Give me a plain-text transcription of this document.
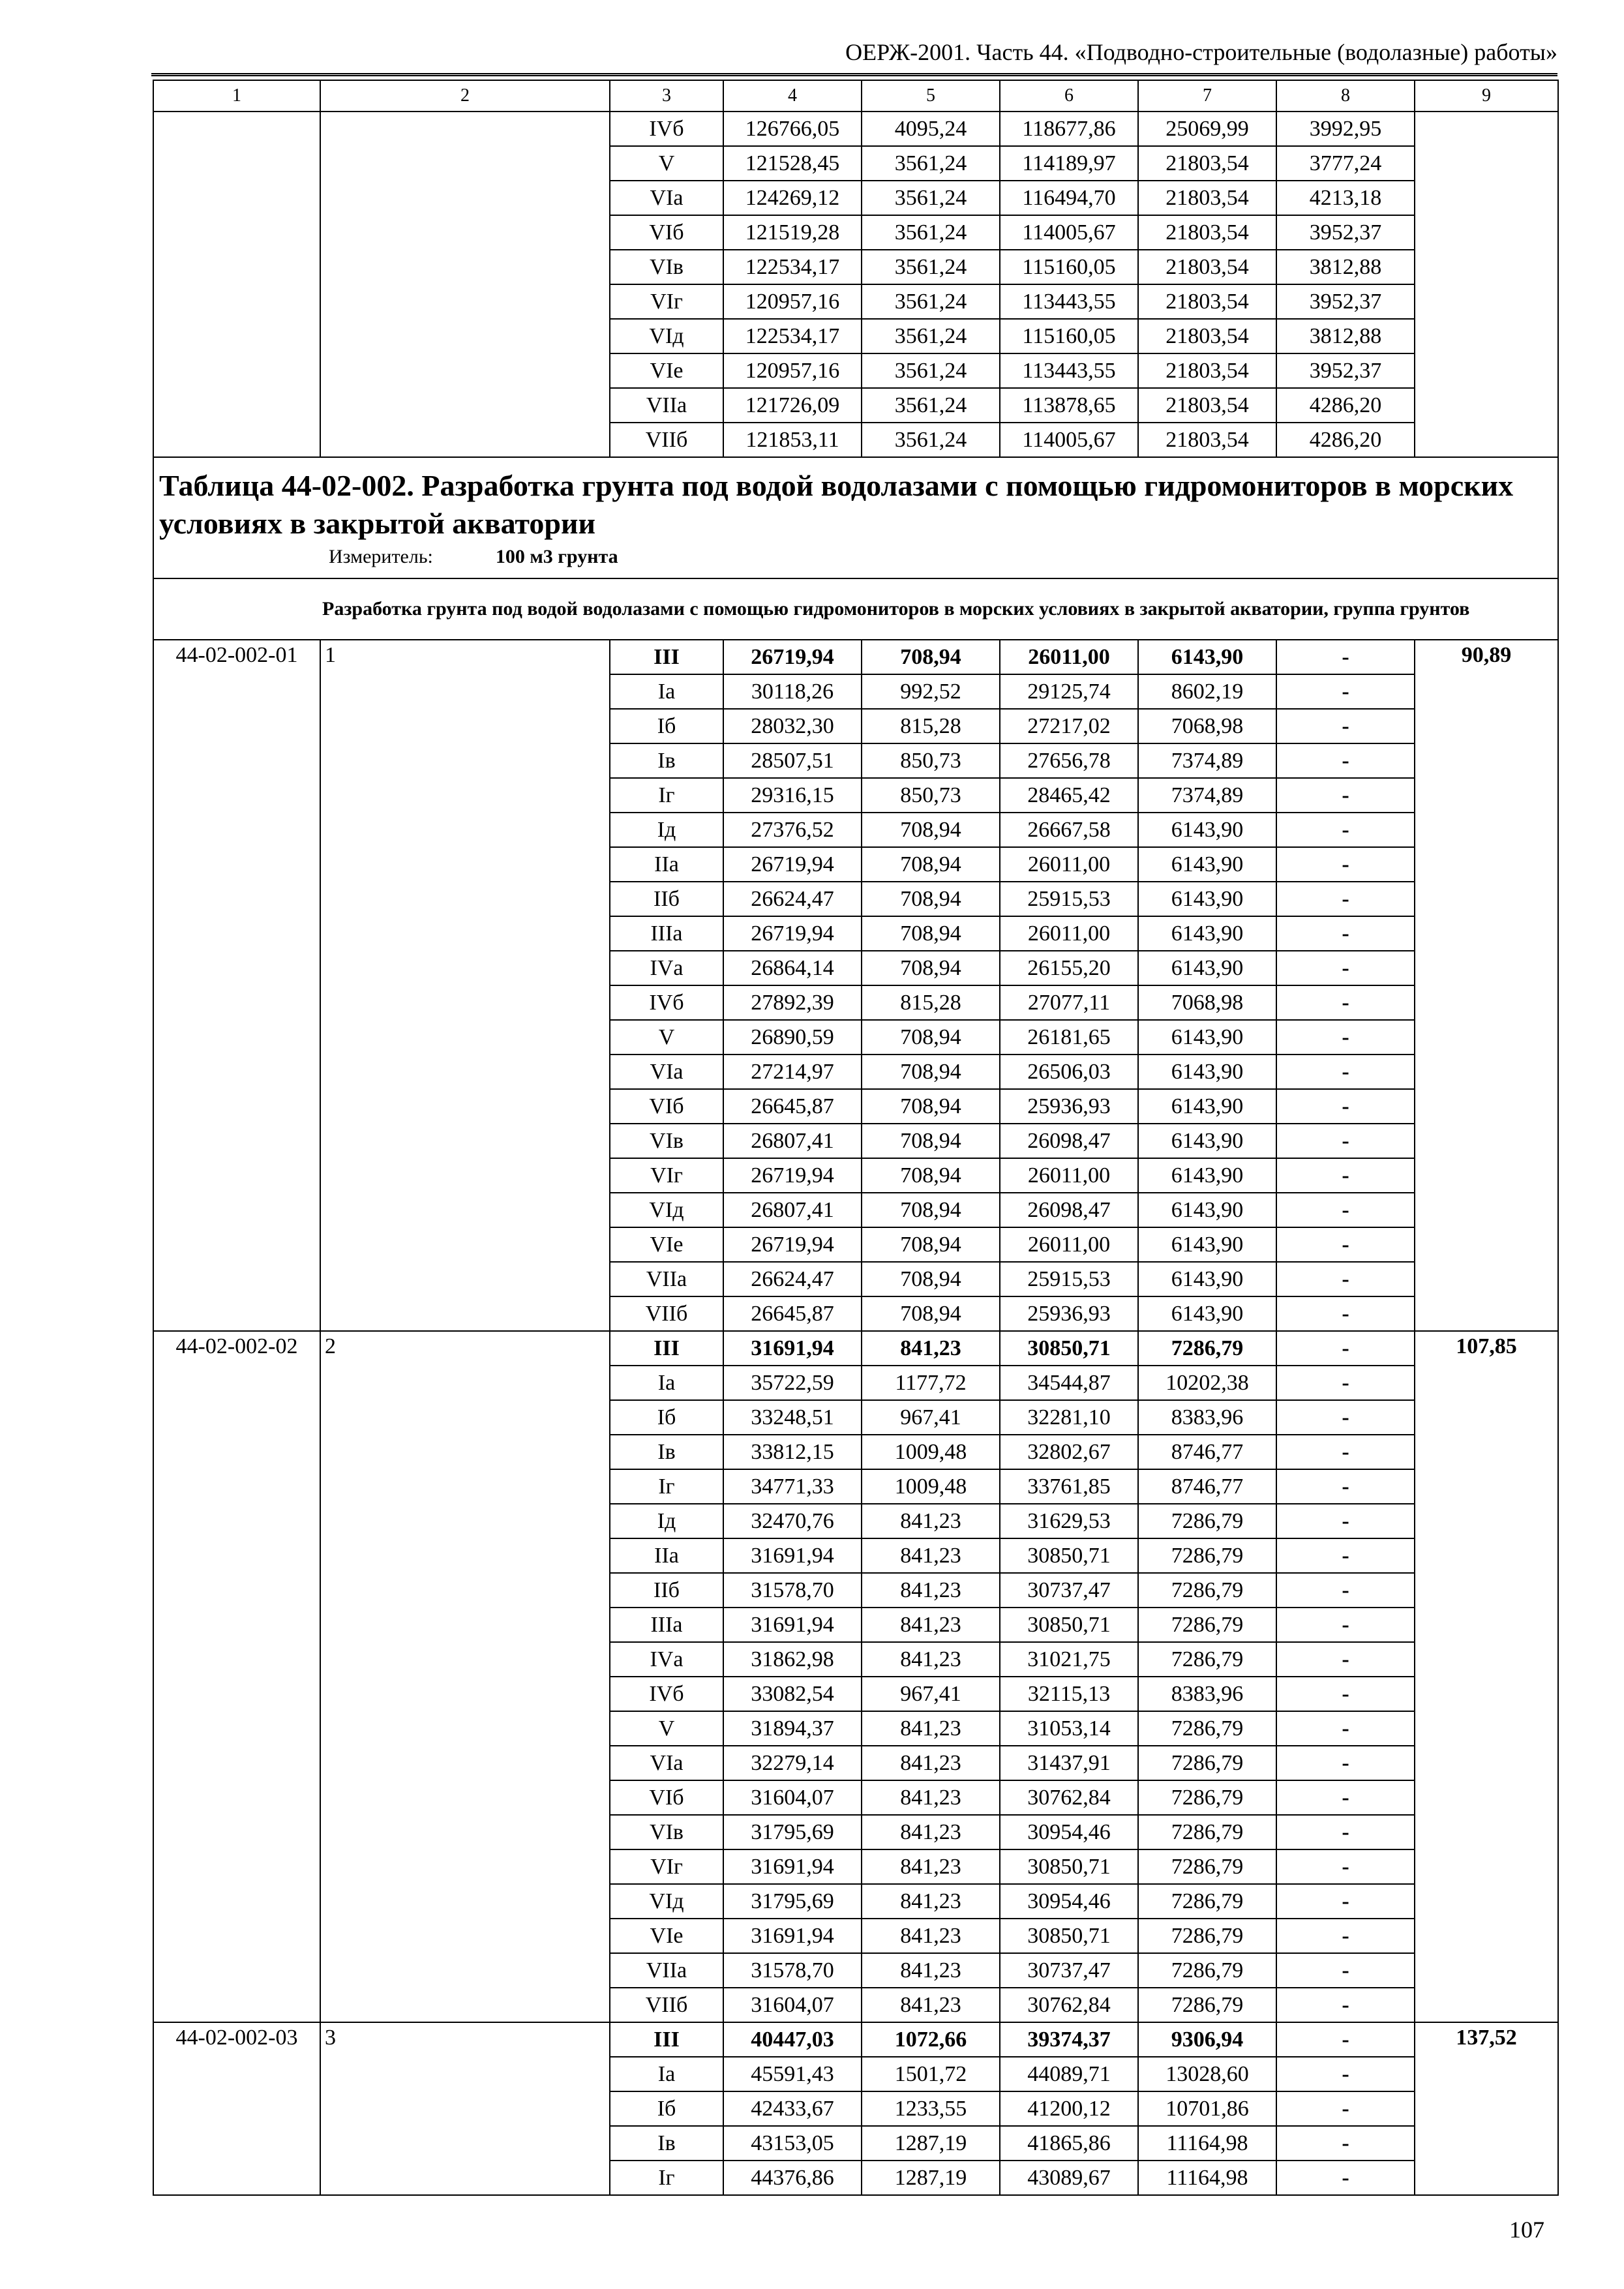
ОЕРЖ-2001. Часть 44. «Подводно-строительные (водолазные) работы»
1	2	3	4	5	6	7	8	9
		IVб	126766,05	4095,24	118677,86	25069,99	3992,95	
		V	121528,45	3561,24	114189,97	21803,54	3777,24	
		VIа	124269,12	3561,24	116494,70	21803,54	4213,18	
		VIб	121519,28	3561,24	114005,67	21803,54	3952,37	
		VIв	122534,17	3561,24	115160,05	21803,54	3812,88	
		VIг	120957,16	3561,24	113443,55	21803,54	3952,37	
		VIд	122534,17	3561,24	115160,05	21803,54	3812,88	
		VIе	120957,16	3561,24	113443,55	21803,54	3952,37	
		VIIа	121726,09	3561,24	113878,65	21803,54	4286,20	
		VIIб	121853,11	3561,24	114005,67	21803,54	4286,20	

Таблица 44-02-002. Разработка грунта под водой водолазами с помощью гидромониторов в морских условиях в закрытой акватории
Измеритель: 100 м3 грунта								

Разработка грунта под водой водолазами с помощью гидромониторов в морских условиях в закрытой акватории, группа грунтов								
44-02-002-01	1	III	26719,94	708,94	26011,00	6143,90	-	90,89
		Iа	30118,26	992,52	29125,74	8602,19	-	
		Iб	28032,30	815,28	27217,02	7068,98	-	
		Iв	28507,51	850,73	27656,78	7374,89	-	
		Iг	29316,15	850,73	28465,42	7374,89	-	
		Iд	27376,52	708,94	26667,58	6143,90	-	
		IIа	26719,94	708,94	26011,00	6143,90	-	
		IIб	26624,47	708,94	25915,53	6143,90	-	
		IIIа	26719,94	708,94	26011,00	6143,90	-	
		IVа	26864,14	708,94	26155,20	6143,90	-	
		IVб	27892,39	815,28	27077,11	7068,98	-	
		V	26890,59	708,94	26181,65	6143,90	-	
		VIа	27214,97	708,94	26506,03	6143,90	-	
		VIб	26645,87	708,94	25936,93	6143,90	-	
		VIв	26807,41	708,94	26098,47	6143,90	-	
		VIг	26719,94	708,94	26011,00	6143,90	-	
		VIд	26807,41	708,94	26098,47	6143,90	-	
		VIе	26719,94	708,94	26011,00	6143,90	-	
		VIIа	26624,47	708,94	25915,53	6143,90	-	
		VIIб	26645,87	708,94	25936,93	6143,90	-	
44-02-002-02	2	III	31691,94	841,23	30850,71	7286,79	-	107,85
		Iа	35722,59	1177,72	34544,87	10202,38	-	
		Iб	33248,51	967,41	32281,10	8383,96	-	
		Iв	33812,15	1009,48	32802,67	8746,77	-	
		Iг	34771,33	1009,48	33761,85	8746,77	-	
		Iд	32470,76	841,23	31629,53	7286,79	-	
		IIа	31691,94	841,23	30850,71	7286,79	-	
		IIб	31578,70	841,23	30737,47	7286,79	-	
		IIIа	31691,94	841,23	30850,71	7286,79	-	
		IVа	31862,98	841,23	31021,75	7286,79	-	
		IVб	33082,54	967,41	32115,13	8383,96	-	
		V	31894,37	841,23	31053,14	7286,79	-	
		VIа	32279,14	841,23	31437,91	7286,79	-	
		VIб	31604,07	841,23	30762,84	7286,79	-	
		VIв	31795,69	841,23	30954,46	7286,79	-	
		VIг	31691,94	841,23	30850,71	7286,79	-	
		VIд	31795,69	841,23	30954,46	7286,79	-	
		VIе	31691,94	841,23	30850,71	7286,79	-	
		VIIа	31578,70	841,23	30737,47	7286,79	-	
		VIIб	31604,07	841,23	30762,84	7286,79	-	
44-02-002-03	3	III	40447,03	1072,66	39374,37	9306,94	-	137,52
		Iа	45591,43	1501,72	44089,71	13028,60	-	
		Iб	42433,67	1233,55	41200,12	10701,86	-	
		Iв	43153,05	1287,19	41865,86	11164,98	-	
		Iг	44376,86	1287,19	43089,67	11164,98	-	
107
